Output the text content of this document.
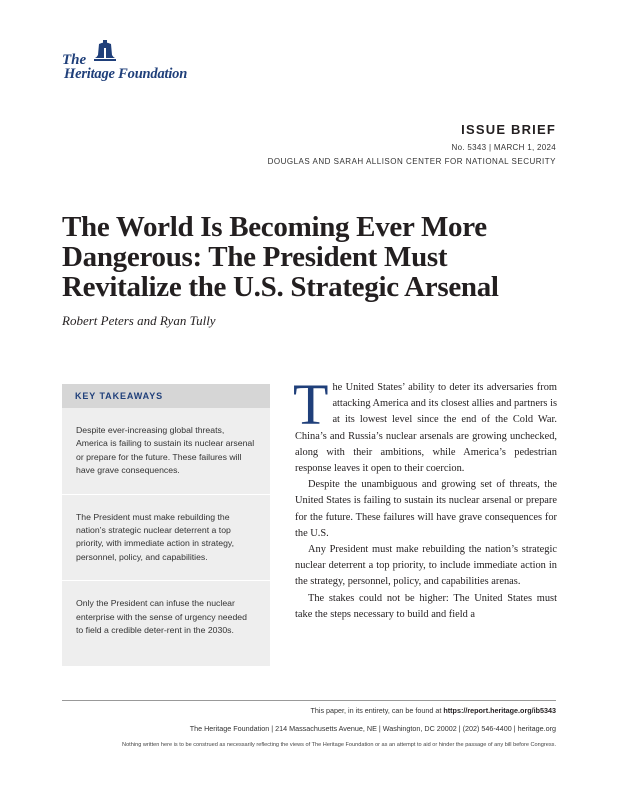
The
Heritage Foundation
ISSUE BRIEF
No. 5343 | MARCH 1, 2024
DOUGLAS AND SARAH ALLISON CENTER FOR NATIONAL SECURITY
The World Is Becoming Ever More Dangerous: The President Must Revitalize the U.S. Strategic Arsenal
Robert Peters and Ryan Tully
KEY TAKEAWAYS
Despite ever-increasing global threats, America is failing to sustain its nuclear arsenal or prepare for the future. These failures will have grave consequences.
The President must make rebuilding the nation’s strategic nuclear deterrent a top priority, with immediate action in strategy, personnel, policy, and capabilities.
Only the President can infuse the nuclear enterprise with the sense of urgency needed to field a credible deter-rent in the 2030s.

The United States’ ability to deter its adversaries from attacking America and its closest allies and partners is at its lowest level since the end of the Cold War. China’s and Russia’s nuclear arsenals are growing unchecked, along with their ambitions, while America’s pedestrian response leaves it open to their coercion.

Despite the unambiguous and growing set of threats, the United States is failing to sustain its nuclear arsenal or prepare for the future. These failures will have grave consequences for the U.S.

Any President must make rebuilding the nation’s strategic nuclear deterrent a top priority, to include immediate action in the strategy, personnel, policy, and capabilities arenas.

The stakes could not be higher: The United States must take the steps necessary to build and field a

This paper, in its entirety, can be found at https://report.heritage.org/ib5343
The Heritage Foundation | 214 Massachusetts Avenue, NE | Washington, DC 20002 | (202) 546-4400 | heritage.org
Nothing written here is to be construed as necessarily reflecting the views of The Heritage Foundation or as an attempt to aid or hinder the passage of any bill before Congress.
